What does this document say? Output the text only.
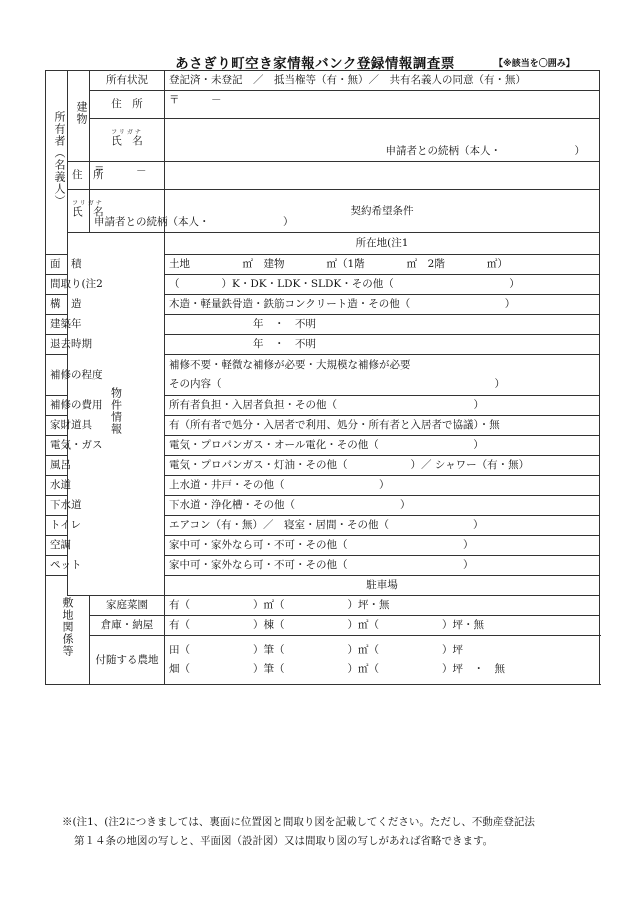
あさぎり町空き家情報バンク登録情報調査票	【※該当を〇囲み】
所有者（名義人）	建物	所有状況	登記済・未登記　／　抵当権等（有・無）／　共有名義人の同意（有・無）	
		住　所	〒　　　－	

		フリガナ
氏　名	申請者との続柄（本人・　　　　　　　）	

	住　所	〒　　　－		

	フリガナ
氏　名	申請者との続柄（本人・　　　　　　　）		

			契約希望条件	
	物件情報		所在地(注1	
面　積			土地　　　　　㎡　建物　　　　㎡（1階　　　　㎡　2階　　　　㎡）	
間取り(注2			（　　　　）K・DK・LDK・SLDK・その他（　　　　　　　　　　　）	
構　造			木造・軽量鉄骨造・鉄筋コンクリート造・その他（　　　　　　　　　）	
建築年			　　　　　　　　年　・　不明	
退去時期			　　　　　　　　年　・　不明	
補修の程度			補修不要・軽微な補修が必要・大規模な補修が必要
その内容（　　　　　　　　　　　　　　　　　　　　　　　　　　）	

補修の費用			所有者負担・入居者負担・その他（　　　　　　　　　　　　　）	
家財道具			有（所有者で処分・入居者で利用、処分・所有者と入居者で協議）・無	
電気・ガス			電気・プロパンガス・オール電化・その他（　　　　　　　　　）	
風呂			電気・プロパンガス・灯油・その他（　　　　　　）／ シャワー（有・無）	
水道			上水道・井戸・その他（　　　　　　　　　）	
下水道			下水道・浄化槽・その他（　　　　　　　　　　）	
トイレ			エアコン（有・無）／　寝室・居間・その他（　　　　　　　　）	
空調			家中可・家外なら可・不可・その他（　　　　　　　　　　　）	
ペット			家中可・家外なら可・不可・その他（　　　　　　　　　　　）	
敷地関係等			駐車場	
		家庭菜園	有（　　　　　　）㎡（　　　　　　）坪・無	
		倉庫・納屋	有（　　　　　　）棟（　　　　　　）㎡（　　　　　　）坪・無	
		付随する農地	田（　　　　　　）筆（　　　　　　）㎡（　　　　　　）坪
畑（　　　　　　）筆（　　　　　　）㎡（　　　　　　）坪　・　無	

※(注1、(注2につきましては、裏面に位置図と間取り図を記載してください。ただし、不動産登記法
第１４条の地図の写しと、平面図（設計図）又は間取り図の写しがあれば省略できます。
